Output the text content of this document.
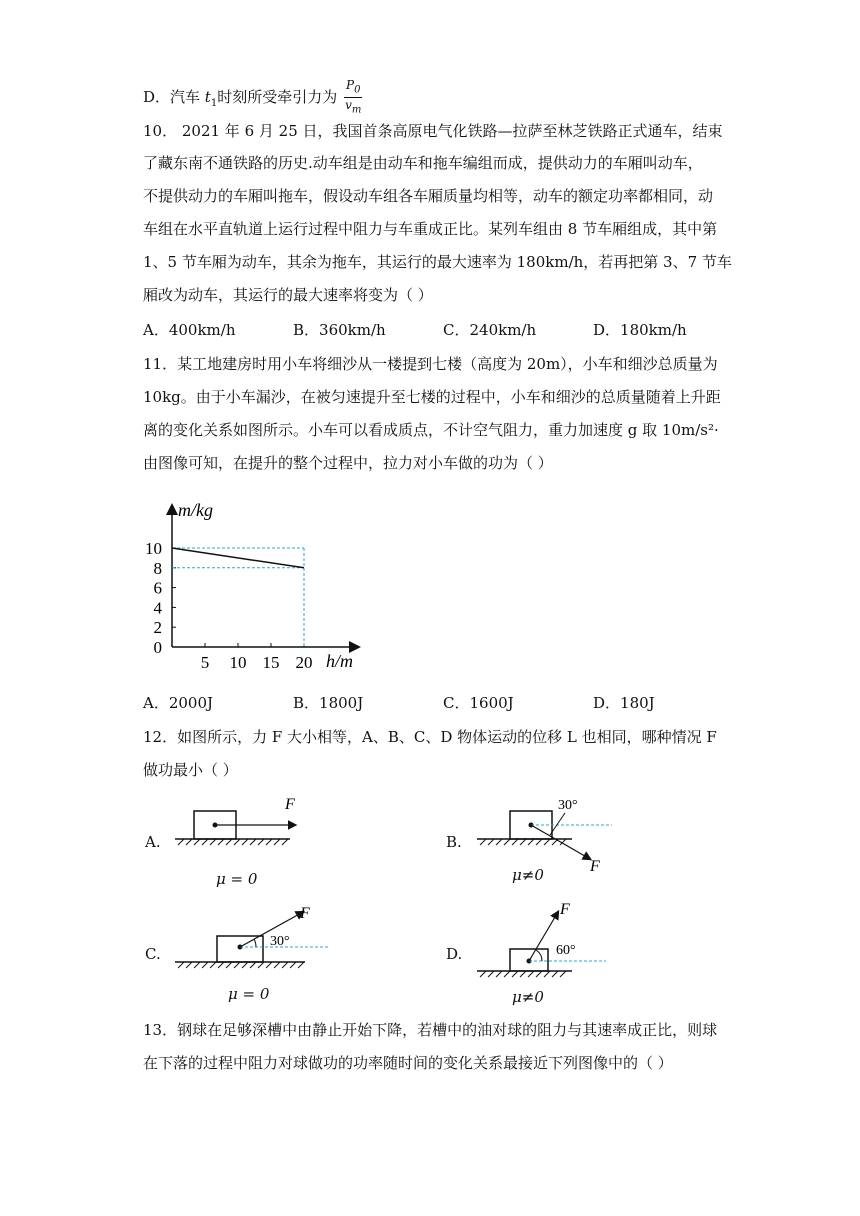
D．汽车 $t_1$时刻所受牵引力为 $\frac{P_0}{v_m}$
10． 2021 年 6 月 25 日，我国首条高原电气化铁路—拉萨至林芝铁路正式通车，结束
了藏东南不通铁路的历史.动车组是由动车和拖车编组而成，提供动力的车厢叫动车，
不提供动力的车厢叫拖车，假设动车组各车厢质量均相等，动车的额定功率都相同，动
车组在水平直轨道上运行过程中阻力与车重成正比。某列车组由 8 节车厢组成，其中第
1、5 节车厢为动车，其余为拖车，其运行的最大速率为 180km/h，若再把第 3、7 节车
厢改为动车，其运行的最大速率将变为（ ）
A．400km/h	B．360km/h	C．240km/h	D．180km/h
11．某工地建房时用小车将细沙从一楼提到七楼（高度为 20m），小车和细沙总质量为
10kg。由于小车漏沙，在被匀速提升至七楼的过程中，小车和细沙的总质量随着上升距
离的变化关系如图所示。小车可以看成质点，不计空气阻力，重力加速度 g 取 10m/s²·
由图像可知，在提升的整个过程中，拉力对小车做的功为（ ）
m/kg
h/m
0
2
4
6
8
10
5 10 15 20
A．2000J	B．1800J	C．1600J	D．180J
12．如图所示，力 F 大小相等，A、B、C、D 物体运动的位移 L 也相同，哪种情况 F
做功最小（ ）
A.
F
μ = 0
B.
30°
F
μ≠0
C.
30°
F
μ = 0
D.	60°
F
μ≠0
13．钢球在足够深槽中由静止开始下降，若槽中的油对球的阻力与其速率成正比，则球
在下落的过程中阻力对球做功的功率随时间的变化关系最接近下列图像中的（ ）
